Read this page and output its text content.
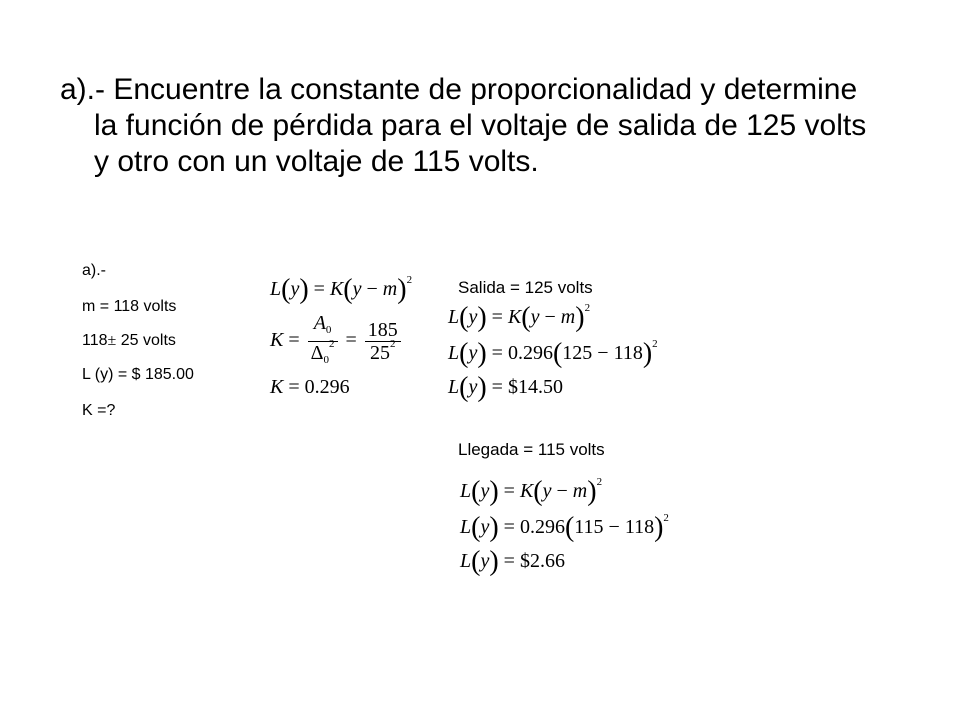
a).- Encuentre la constante de proporcionalidad y determine la función de pérdida para el voltaje de salida de 125 volts y otro con un voltaje de 115 volts.

a).-
m = 118 volts
118± 25 volts
L (y) = $ 185.00
K =?
$L(y) = K(y - m)^2$
$K = \frac{A_0}{\Delta_0^2} = \frac{185}{25^2}$
K = 0.296
Salida = 125 volts
$L(y) = K(y - m)^2$
$L(y) = 0.296(125 - 118)^2$
L(y) = $14.50
Llegada = 115 volts
$L(y) = K(y - m)^2$
$L(y) = 0.296(115 - 118)^2$
L(y) = $2.66
